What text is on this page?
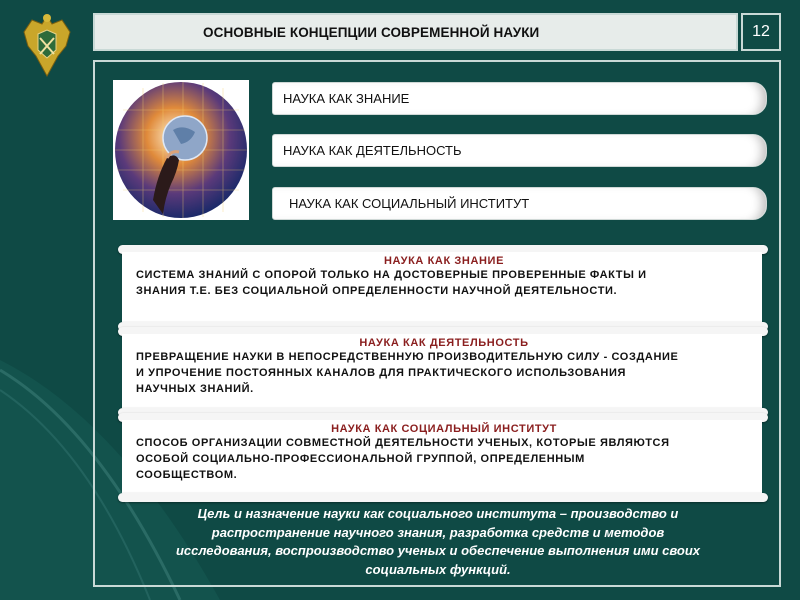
ОСНОВНЫЕ КОНЦЕПЦИИ СОВРЕМЕННОЙ НАУКИ	12
НАУКА КАК ЗНАНИЕ
НАУКА КАК ДЕЯТЕЛЬНОСТЬ
НАУКА КАК СОЦИАЛЬНЫЙ ИНСТИТУТ
НАУКА КАК ЗНАНИЕ
СИСТЕМА ЗНАНИЙ С ОПОРОЙ ТОЛЬКО НА ДОСТОВЕРНЫЕ ПРОВЕРЕННЫЕ ФАКТЫ И
ЗНАНИЯ Т.Е. БЕЗ СОЦИАЛЬНОЙ ОПРЕДЕЛЕННОСТИ НАУЧНОЙ ДЕЯТЕЛЬНОСТИ.
НАУКА КАК ДЕЯТЕЛЬНОСТЬ
ПРЕВРАЩЕНИЕ НАУКИ В НЕПОСРЕДСТВЕННУЮ ПРОИЗВОДИТЕЛЬНУЮ СИЛУ - СОЗДАНИЕ
И УПРОЧЕНИЕ ПОСТОЯННЫХ КАНАЛОВ ДЛЯ ПРАКТИЧЕСКОГО ИСПОЛЬЗОВАНИЯ
НАУЧНЫХ ЗНАНИЙ.
НАУКА КАК СОЦИАЛЬНЫЙ ИНСТИТУТ
СПОСОБ ОРГАНИЗАЦИИ СОВМЕСТНОЙ ДЕЯТЕЛЬНОСТИ УЧЕНЫХ, КОТОРЫЕ ЯВЛЯЮТСЯ
ОСОБОЙ СОЦИАЛЬНО-ПРОФЕССИОНАЛЬНОЙ ГРУППОЙ, ОПРЕДЕЛЕННЫМ
СООБЩЕСТВОМ.
Цель и назначение науки как социального института – производство и
распространение научного знания, разработка средств и методов
исследования, воспроизводство ученых и обеспечение выполнения ими своих
социальных функций.
